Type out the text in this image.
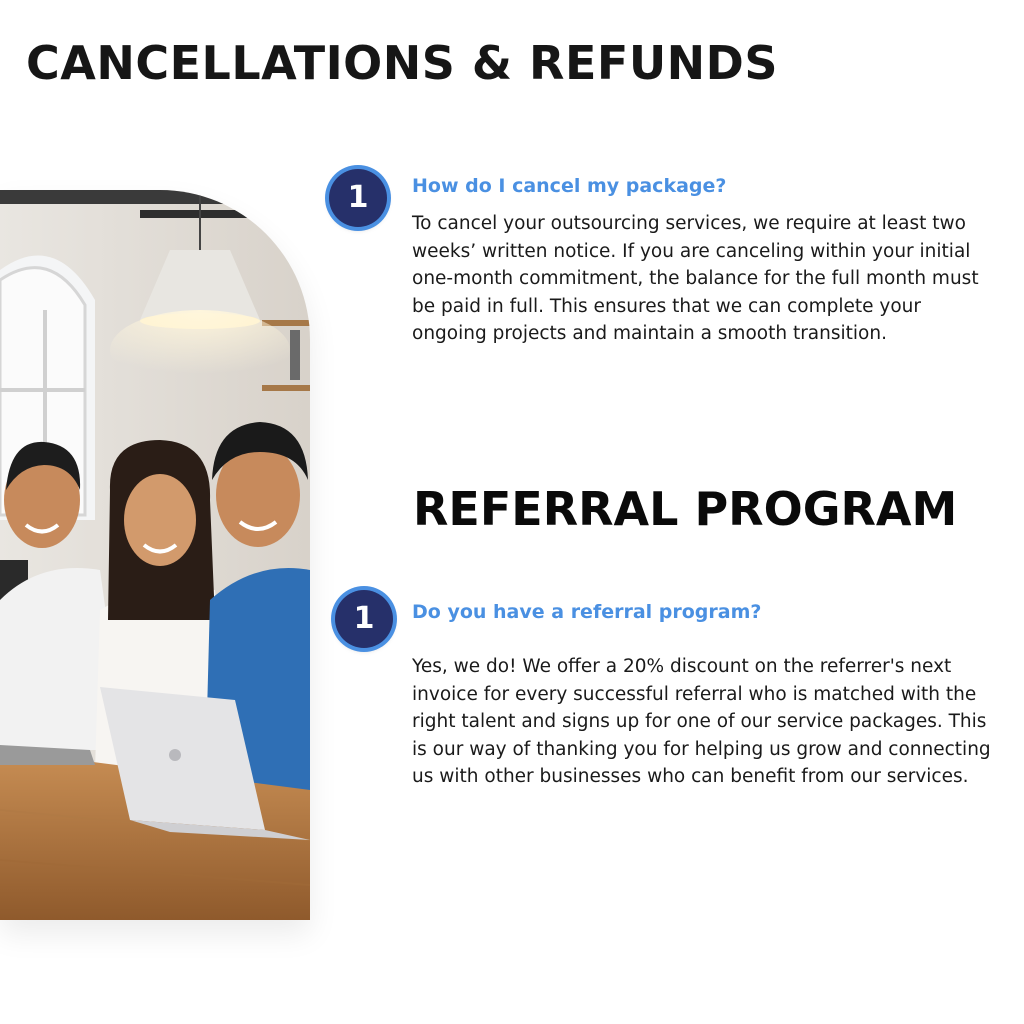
CANCELLATIONS & REFUNDS
1	How do I cancel my package?

To cancel your outsourcing services, we require at least two weeks’ written notice. If you are canceling within your initial one-month commitment, the balance for the full month must be paid in full. This ensures that we can complete your ongoing projects and maintain a smooth transition.

REFERRAL PROGRAM
1	Do you have a referral program?

Yes, we do! We offer a 20% discount on the referrer's next invoice for every successful referral who is matched with the right talent and signs up for one of our service packages. This is our way of thanking you for helping us grow and connecting us with other businesses who can benefit from our services.
